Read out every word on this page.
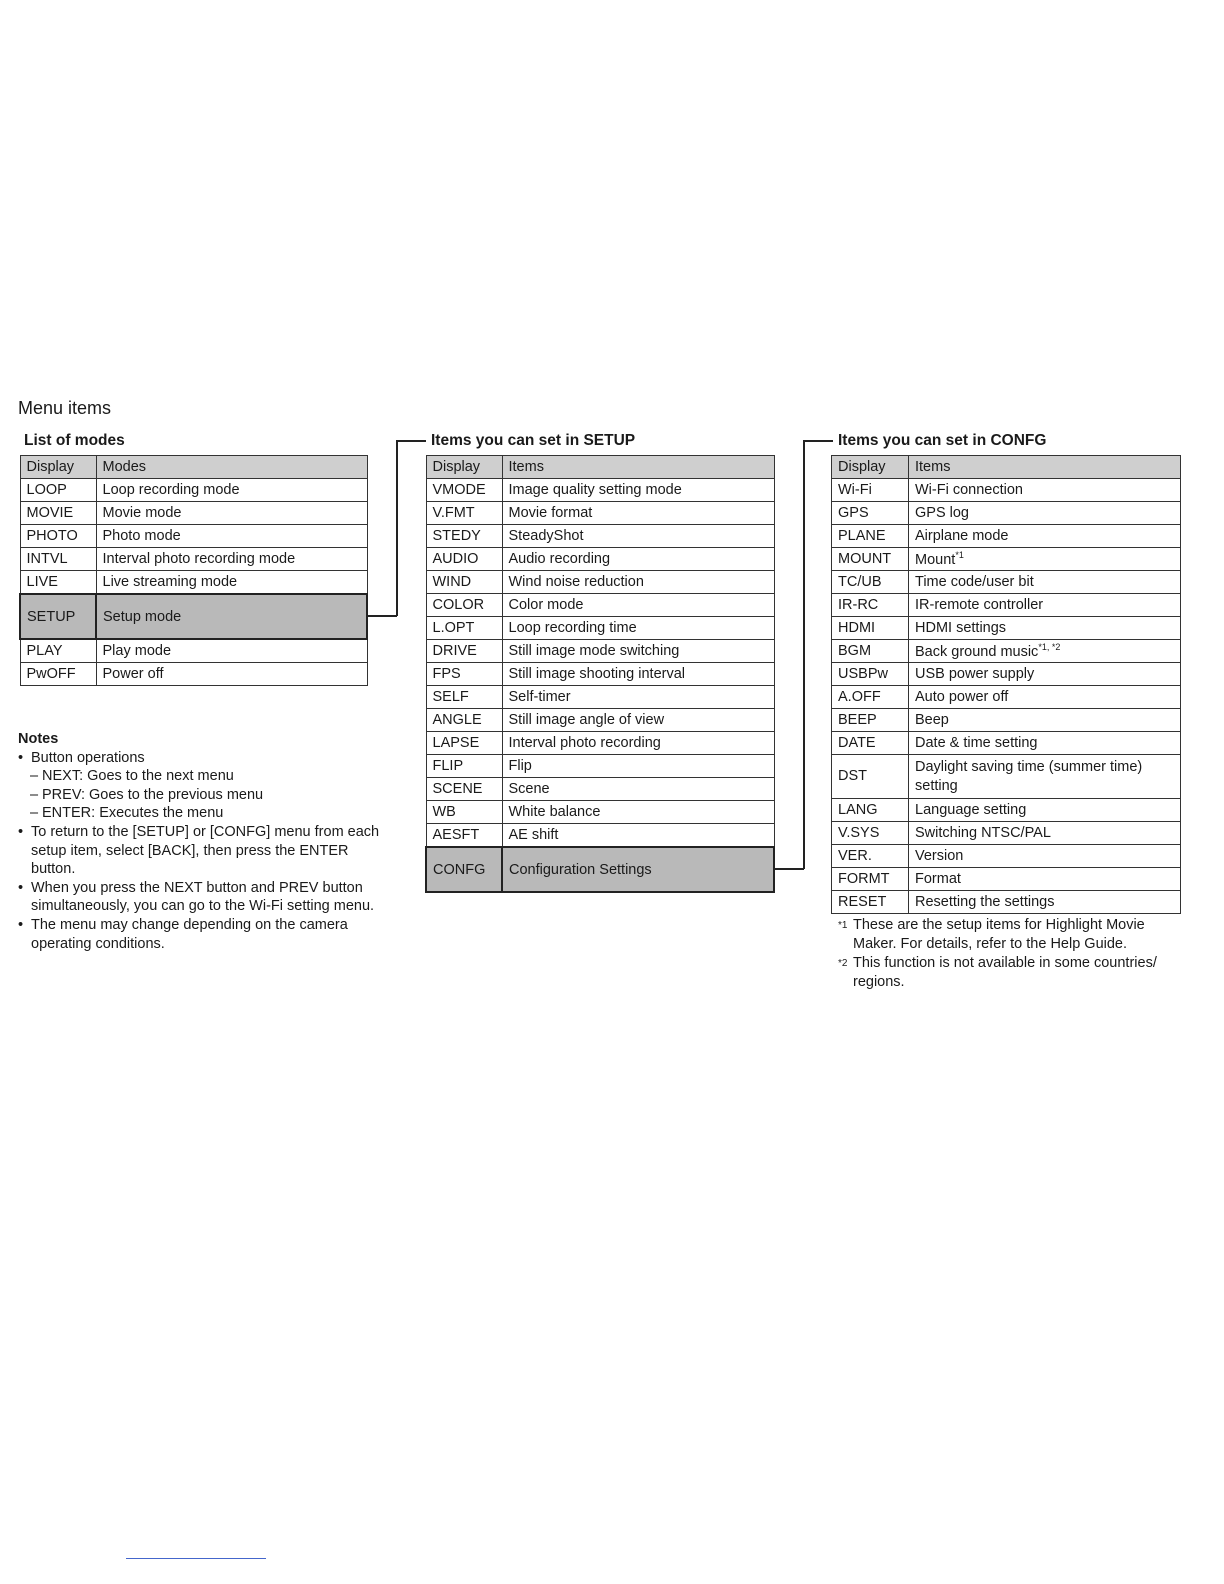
Menu items
List of modes
Display	Modes
LOOP	Loop recording mode
MOVIE	Movie mode
PHOTO	Photo mode
INTVL	Interval photo recording mode
LIVE	Live streaming mode
SETUP	Setup mode
PLAY	Play mode
PwOFF	Power off
Items you can set in SETUP
Display	Items
VMODE	Image quality setting mode
V.FMT	Movie format
STEDY	SteadyShot
AUDIO	Audio recording
WIND	Wind noise reduction
COLOR	Color mode
L.OPT	Loop recording time
DRIVE	Still image mode switching
FPS	Still image shooting interval
SELF	Self-timer
ANGLE	Still image angle of view
LAPSE	Interval photo recording
FLIP	Flip
SCENE	Scene
WB	White balance
AESFT	AE shift
CONFG	Configuration Settings
Items you can set in CONFG
Display	Items
Wi-Fi	Wi-Fi connection
GPS	GPS log
PLANE	Airplane mode
MOUNT	Mount$^{*1}$
TC/UB	Time code/user bit
IR-RC	IR-remote controller
HDMI	HDMI settings
BGM	Back ground music$^{*1, *2}$
USBPw	USB power supply
A.OFF	Auto power off
BEEP	Beep
DATE	Date & time setting
DST	Daylight saving time (summer time) setting
LANG	Language setting
V.SYS	Switching NTSC/PAL
VER.	Version
FORMT	Format
RESET	Resetting the settings
Notes
• Button operations
– NEXT: Goes to the next menu
– PREV: Goes to the previous menu
– ENTER: Executes the menu
• To return to the [SETUP] or [CONFG] menu from each setup item, select [BACK], then press the ENTER button.
• When you press the NEXT button and PREV button simultaneously, you can go to the Wi-Fi setting menu.
• The menu may change depending on the camera operating conditions.
*1 These are the setup items for Highlight Movie Maker. For details, refer to the Help Guide.
*2 This function is not available in some countries/ regions.
